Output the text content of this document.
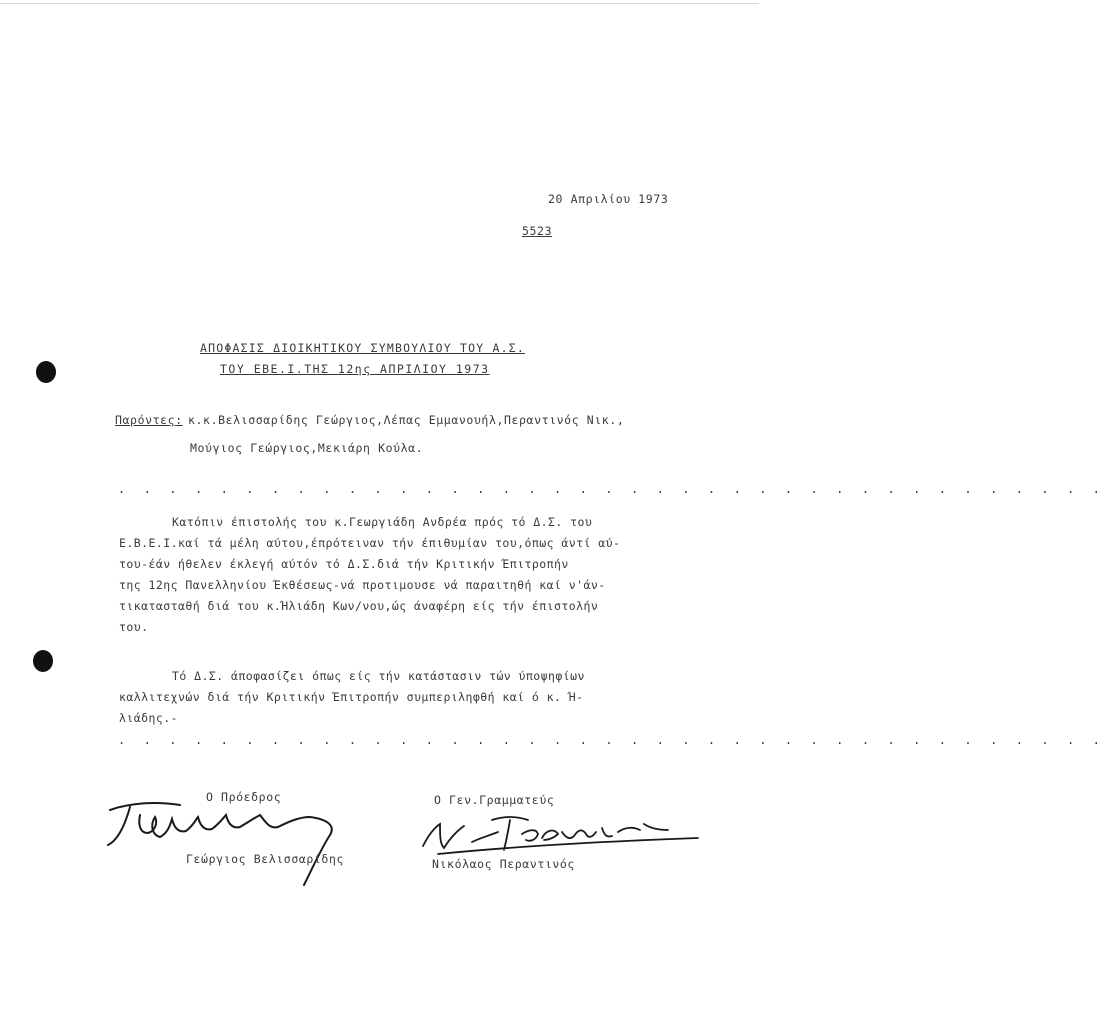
20 Απριλίου 1973
5523
ΑΠΟΦΑΣΙΣ ΔΙΟΙΚΗΤΙΚΟΥ ΣΥΜΒΟΥΛΙΟΥ ΤΟΥ Α.Σ.
ΤΟΥ ΕΒΕ.Ι.ΤΗΣ 12ης ΑΠΡΙΛΙΟΥ 1973
Παρόντες: κ.κ.Βελισσαρίδης Γεώργιος,Λέπας Εμμανουήλ,Περαντινός Νικ.,
Μούγιος Γεώργιος,Μεκιάρη Κούλα.
. . . . . . . . . . . . . . . . . . . . . . . . . . . . . . . . . . . . . . .
Κατόπιν έπιστολής του κ.Γεωργιάδη Ανδρέα πρός τό Δ.Σ. του
Ε.Β.Ε.Ι.καί τά μέλη αύτου,έπρότειναν τήν έπιθυμίαν του,όπως άντί αύ-
του-έάν ήθελεν έκλεγή αύτόν τό Δ.Σ.διά τήν Κριτικήν Έπιτροπήν
της 12ης Πανελληνίου Έκθέσεως-νά προτιμουσε νά παραιτηθή καί ν'άν-
τικατασταθή διά του κ.Ήλιάδη Κων/νου,ώς άναφέρη είς τήν έπιστολήν
του.
Τό Δ.Σ. άποφασίζει όπως είς τήν κατάστασιν τών ύποψηφίων
καλλιτεχνών διά τήν Κριτικήν Έπιτροπήν συμπεριληφθή καί ό κ. Ή-
λιάδης.-
. . . . . . . . . . . . . . . . . . . . . . . . . . . . . . . . . . . . . . .
Ο Πρόεδρος	Ο Γεν.Γραμματεύς
Γεώργιος Βελισσαρίδης	Νικόλαος Περαντινός
